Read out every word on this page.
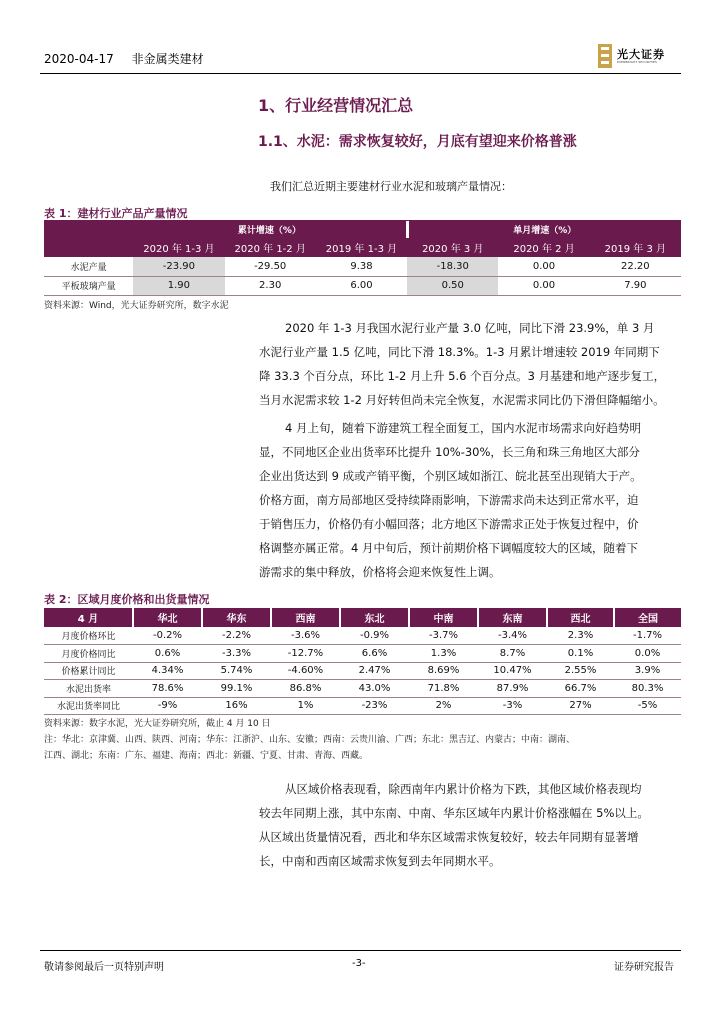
2020-04-17 非金属类建材	光大证券
EVERBRIGHT SECURITIES
1、行业经营情况汇总
1.1、水泥：需求恢复较好，月底有望迎来价格普涨
我们汇总近期主要建材行业水泥和玻璃产量情况：
表 1：建材行业产品产量情况
	累计增速（%）			单月增速（%）		
	2020 年 1-3 月	2020 年 1-2 月	2019 年 1-3 月	2020 年 3 月	2020 年 2 月	2019 年 3 月
水泥产量	-23.90	-29.50	9.38	-18.30	0.00	22.20
平板玻璃产量	1.90	2.30	6.00	0.50	0.00	7.90
资料来源：Wind，光大证券研究所，数字水泥

2020 年 1-3 月我国水泥行业产量 3.0 亿吨，同比下滑 23.9%，单 3 月

水泥行业产量 1.5 亿吨，同比下滑 18.3%。1-3 月累计增速较 2019 年同期下

降 33.3 个百分点，环比 1-2 月上升 5.6 个百分点。3 月基建和地产逐步复工，

当月水泥需求较 1-2 月好转但尚未完全恢复，水泥需求同比仍下滑但降幅缩小。

4 月上旬，随着下游建筑工程全面复工，国内水泥市场需求向好趋势明

显，不同地区企业出货率环比提升 10%-30%，长三角和珠三角地区大部分

企业出货达到 9 成或产销平衡，个别区域如浙江、皖北甚至出现销大于产。

价格方面，南方局部地区受持续降雨影响，下游需求尚未达到正常水平，迫

于销售压力，价格仍有小幅回落；北方地区下游需求正处于恢复过程中，价

格调整亦属正常。4 月中旬后，预计前期价格下调幅度较大的区域，随着下

游需求的集中释放，价格将会迎来恢复性上调。

表 2：区域月度价格和出货量情况
4 月	华北	华东	西南	东北	中南	东南	西北	全国
月度价格环比	-0.2%	-2.2%	-3.6%	-0.9%	-3.7%	-3.4%	2.3%	-1.7%
月度价格同比	0.6%	-3.3%	-12.7%	6.6%	1.3%	8.7%	0.1%	0.0%
价格累计同比	4.34%	5.74%	-4.60%	2.47%	8.69%	10.47%	2.55%	3.9%
水泥出货率	78.6%	99.1%	86.8%	43.0%	71.8%	87.9%	66.7%	80.3%
水泥出货率同比	-9%	16%	1%	-23%	2%	-3%	27%	-5%
资料来源：数字水泥，光大证券研究所，截止 4 月 10 日
注：华北：京津冀、山西、陕西、河南；华东：江浙沪、山东、安徽；西南：云贵川渝、广西；东北：黑吉辽、内蒙古；中南：湖南、
江西、湖北；东南：广东、福建、海南；西北：新疆、宁夏、甘肃、青海、西藏。

从区域价格表现看，除西南年内累计价格为下跌，其他区域价格表现均

较去年同期上涨，其中东南、中南、华东区域年内累计价格涨幅在 5%以上。

从区域出货量情况看，西北和华东区域需求恢复较好，较去年同期有显著增

长，中南和西南区域需求恢复到去年同期水平。

敬请参阅最后一页特别声明	-3-	证券研究报告
